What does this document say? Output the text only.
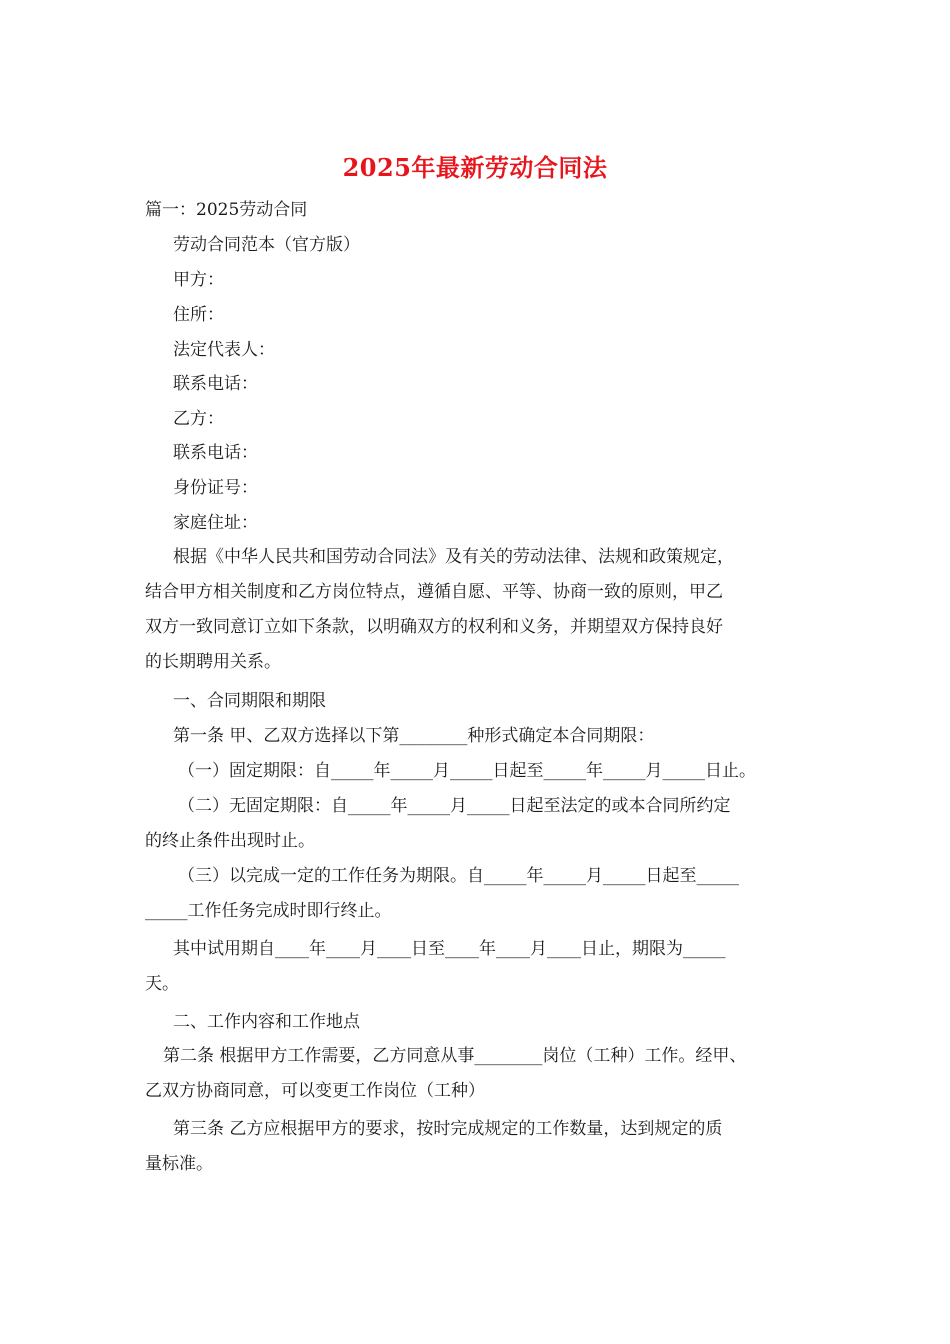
2025年最新劳动合同法
篇一：2025劳动合同
劳动合同范本（官方版）
甲方：
住所：
法定代表人：
联系电话：
乙方：
联系电话：
身份证号：
家庭住址：
根据《中华人民共和国劳动合同法》及有关的劳动法律、法规和政策规定，
结合甲方相关制度和乙方岗位特点，遵循自愿、平等、协商一致的原则，甲乙
双方一致同意订立如下条款，以明确双方的权利和义务，并期望双方保持良好
的长期聘用关系。
一、合同期限和期限
第一条 甲、乙双方选择以下第________种形式确定本合同期限：
（一）固定期限：自_____年_____月_____日起至_____年_____月_____日止。
（二）无固定期限：自_____年_____月_____日起至法定的或本合同所约定
的终止条件出现时止。
（三）以完成一定的工作任务为期限。自_____年_____月_____日起至_____
_____工作任务完成时即行终止。
其中试用期自____年____月____日至____年____月____日止，期限为_____
天。
二、工作内容和工作地点
第二条 根据甲方工作需要，乙方同意从事________岗位（工种）工作。经甲、
乙双方协商同意，可以变更工作岗位（工种）
第三条 乙方应根据甲方的要求，按时完成规定的工作数量，达到规定的质
量标准。
